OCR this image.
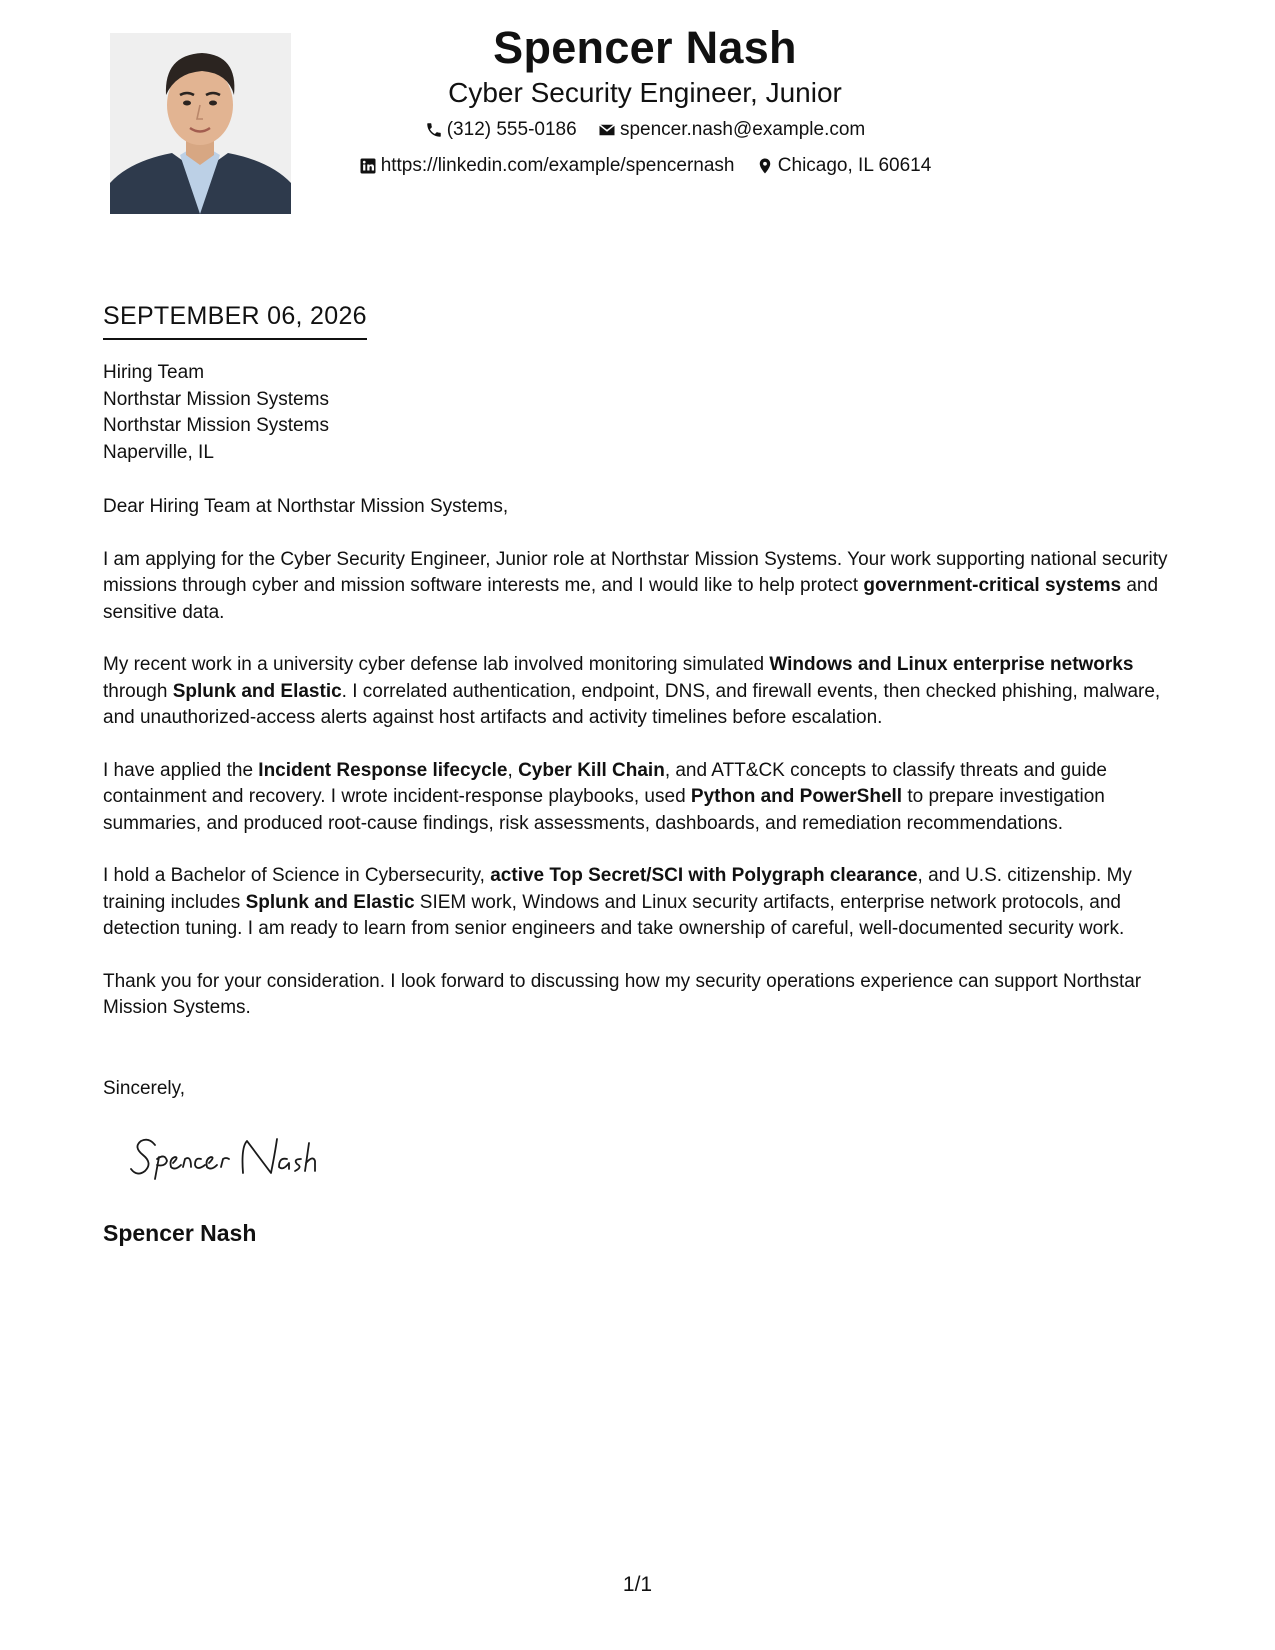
Spencer Nash
Cyber Security Engineer, Junior
(312) 555-0186
spencer.nash@example.com
https://linkedin.com/example/spencernash
Chicago, IL 60614
SEPTEMBER 06, 2026
Hiring Team
Northstar Mission Systems
Northstar Mission Systems
Naperville, IL

Dear Hiring Team at Northstar Mission Systems,

I am applying for the Cyber Security Engineer, Junior role at Northstar Mission Systems. Your work supporting national security missions through cyber and mission software interests me, and I would like to help protect government-critical systems and sensitive data.

My recent work in a university cyber defense lab involved monitoring simulated Windows and Linux enterprise networks through Splunk and Elastic. I correlated authentication, endpoint, DNS, and firewall events, then checked phishing, malware, and unauthorized-access alerts against host artifacts and activity timelines before escalation.

I have applied the Incident Response lifecycle, Cyber Kill Chain, and ATT&CK concepts to classify threats and guide containment and recovery. I wrote incident-response playbooks, used Python and PowerShell to prepare investigation summaries, and produced root-cause findings, risk assessments, dashboards, and remediation recommendations.

I hold a Bachelor of Science in Cybersecurity, active Top Secret/SCI with Polygraph clearance, and U.S. citizenship. My training includes Splunk and Elastic SIEM work, Windows and Linux security artifacts, enterprise network protocols, and detection tuning. I am ready to learn from senior engineers and take ownership of careful, well-documented security work.

Thank you for your consideration. I look forward to discussing how my security operations experience can support Northstar Mission Systems.

Sincerely,
Spencer Nash
1/1
